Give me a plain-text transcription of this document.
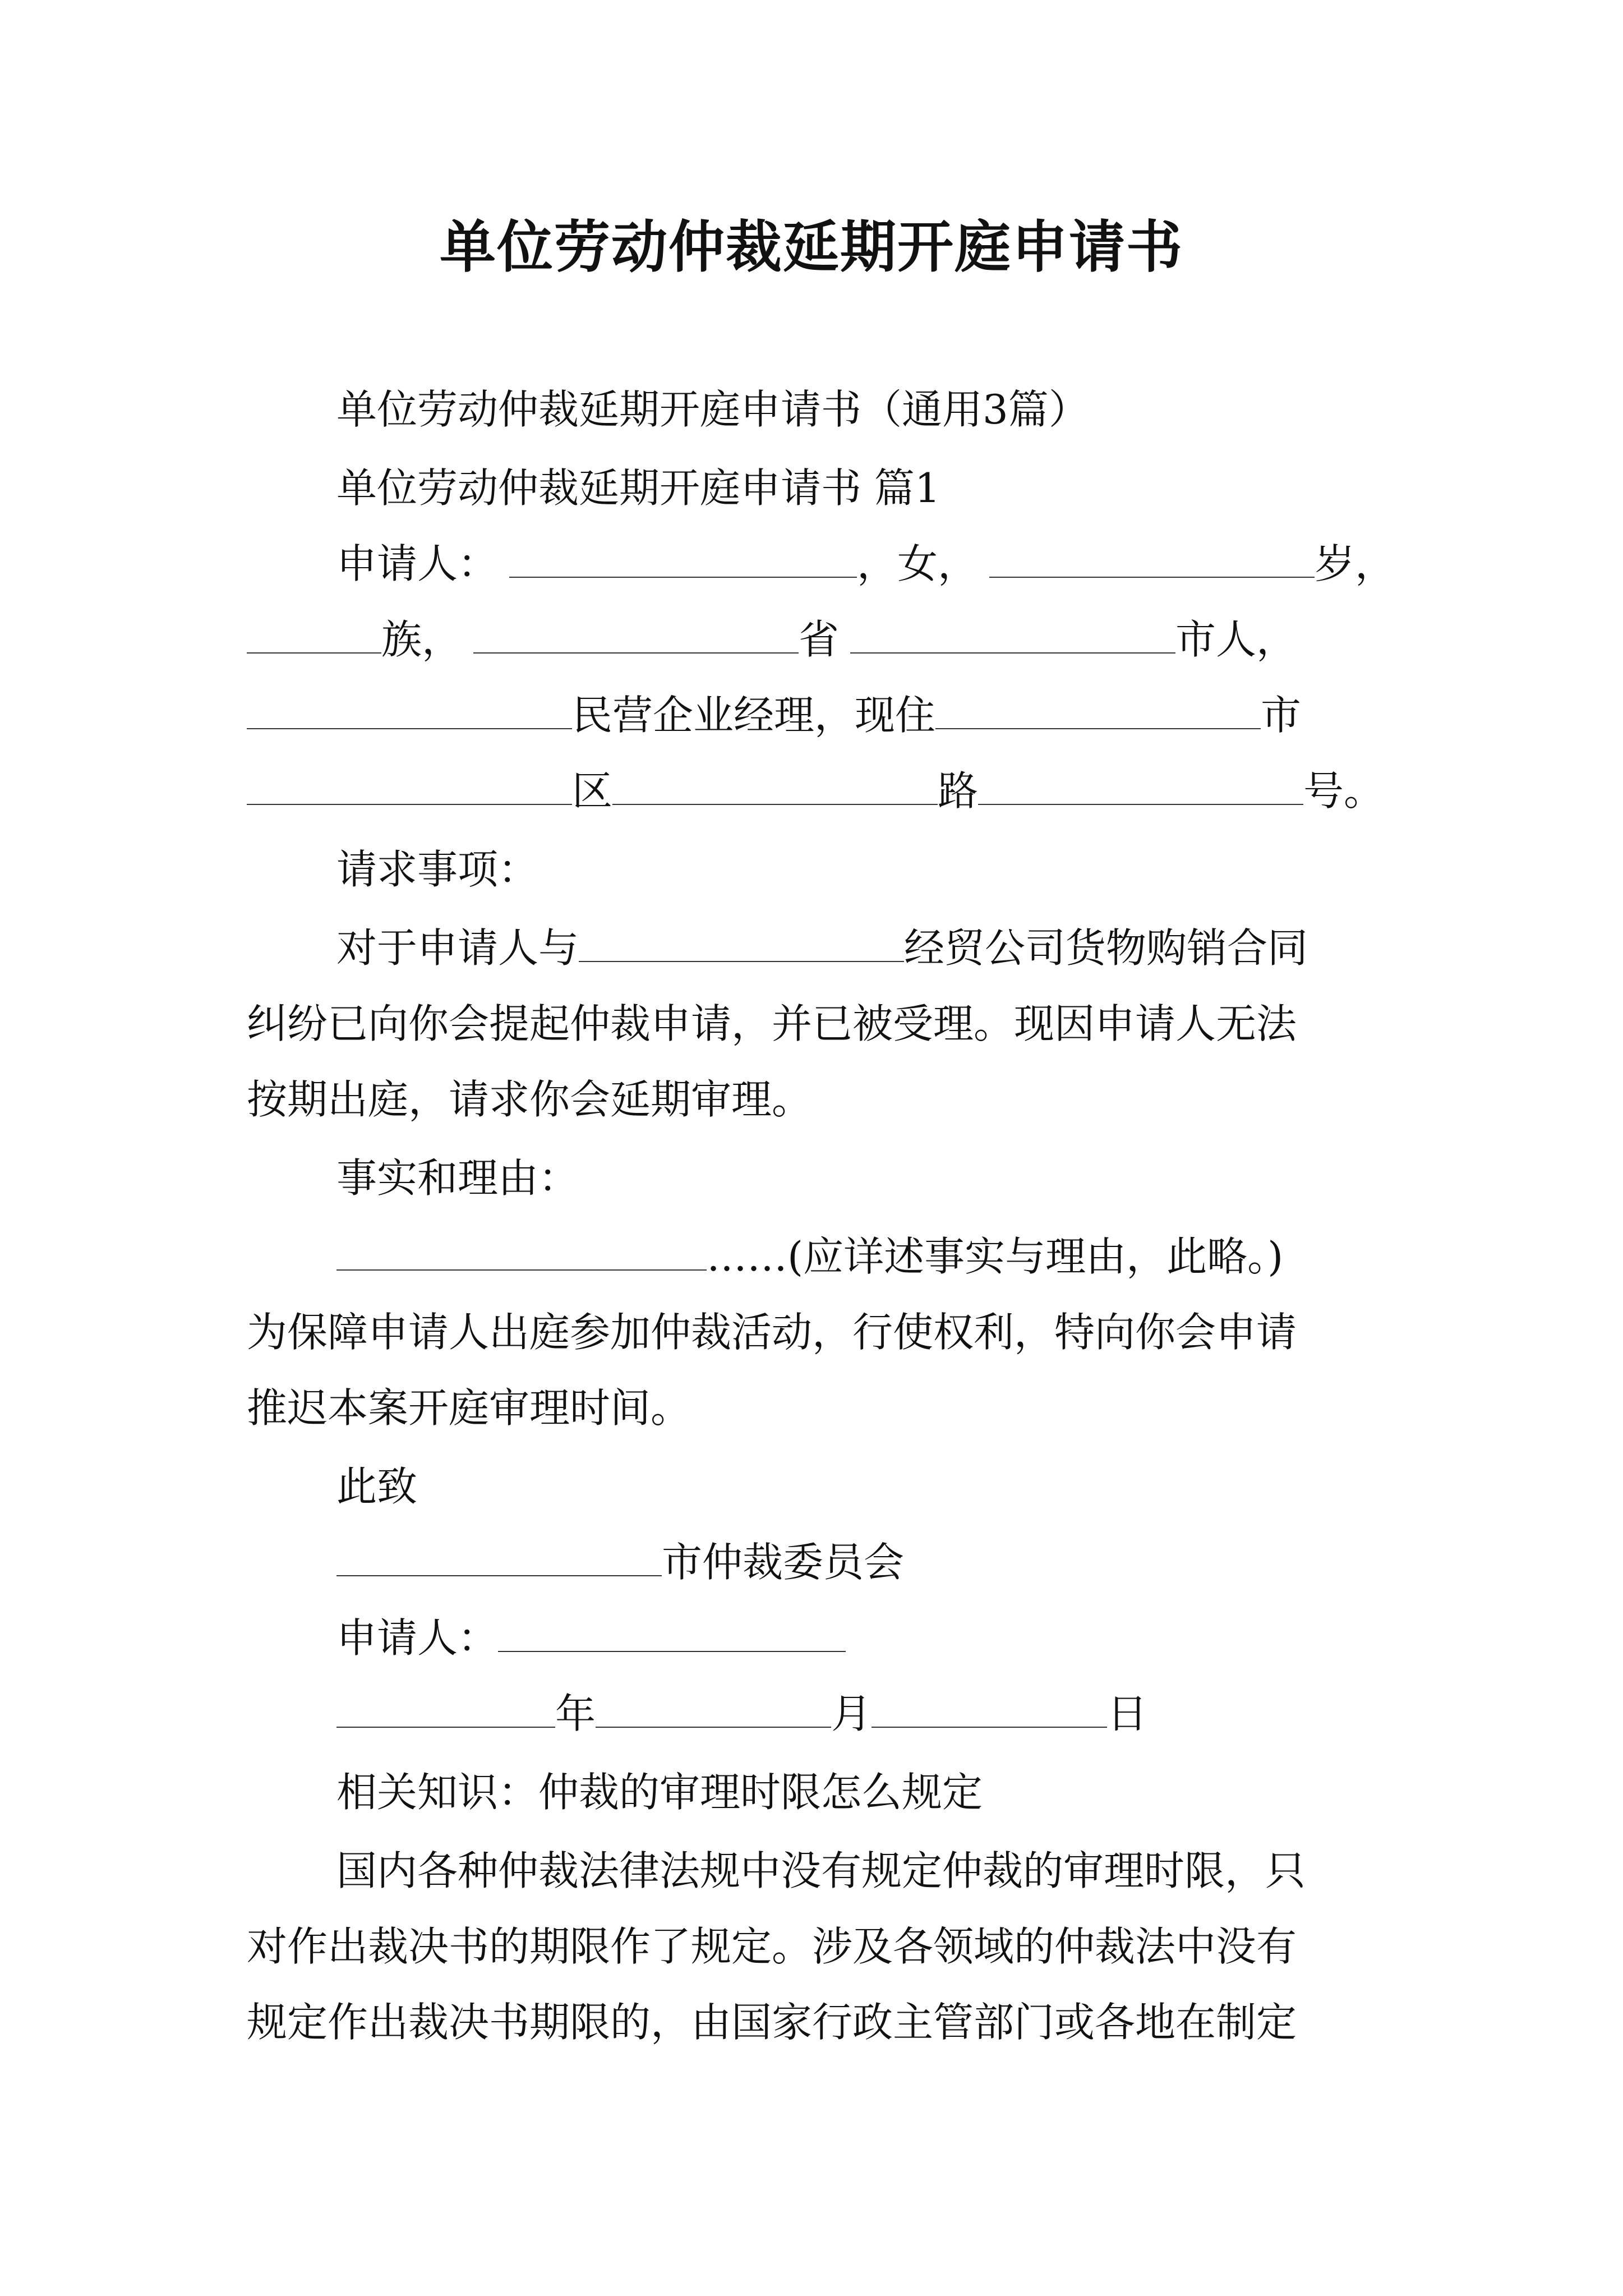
单位劳动仲裁延期开庭申请书
单位劳动仲裁延期开庭申请书（通用3篇）
单位劳动仲裁延期开庭申请书 篇1
申请人：	，女，	岁，
族，	省	市人，
民营企业经理，现住	市
区	路	号。
请求事项：
对于申请人与	经贸公司货物购销合同
纠纷已向你会提起仲裁申请，并已被受理。现因申请人无法
按期出庭，请求你会延期审理。
事实和理由：
……(应详述事实与理由，此略。)
为保障申请人出庭参加仲裁活动，行使权利，特向你会申请
推迟本案开庭审理时间。
此致
市仲裁委员会
申请人：
年	月	日
相关知识：仲裁的审理时限怎么规定
国内各种仲裁法律法规中没有规定仲裁的审理时限，只
对作出裁决书的期限作了规定。涉及各领域的仲裁法中没有
规定作出裁决书期限的，由国家行政主管部门或各地在制定
